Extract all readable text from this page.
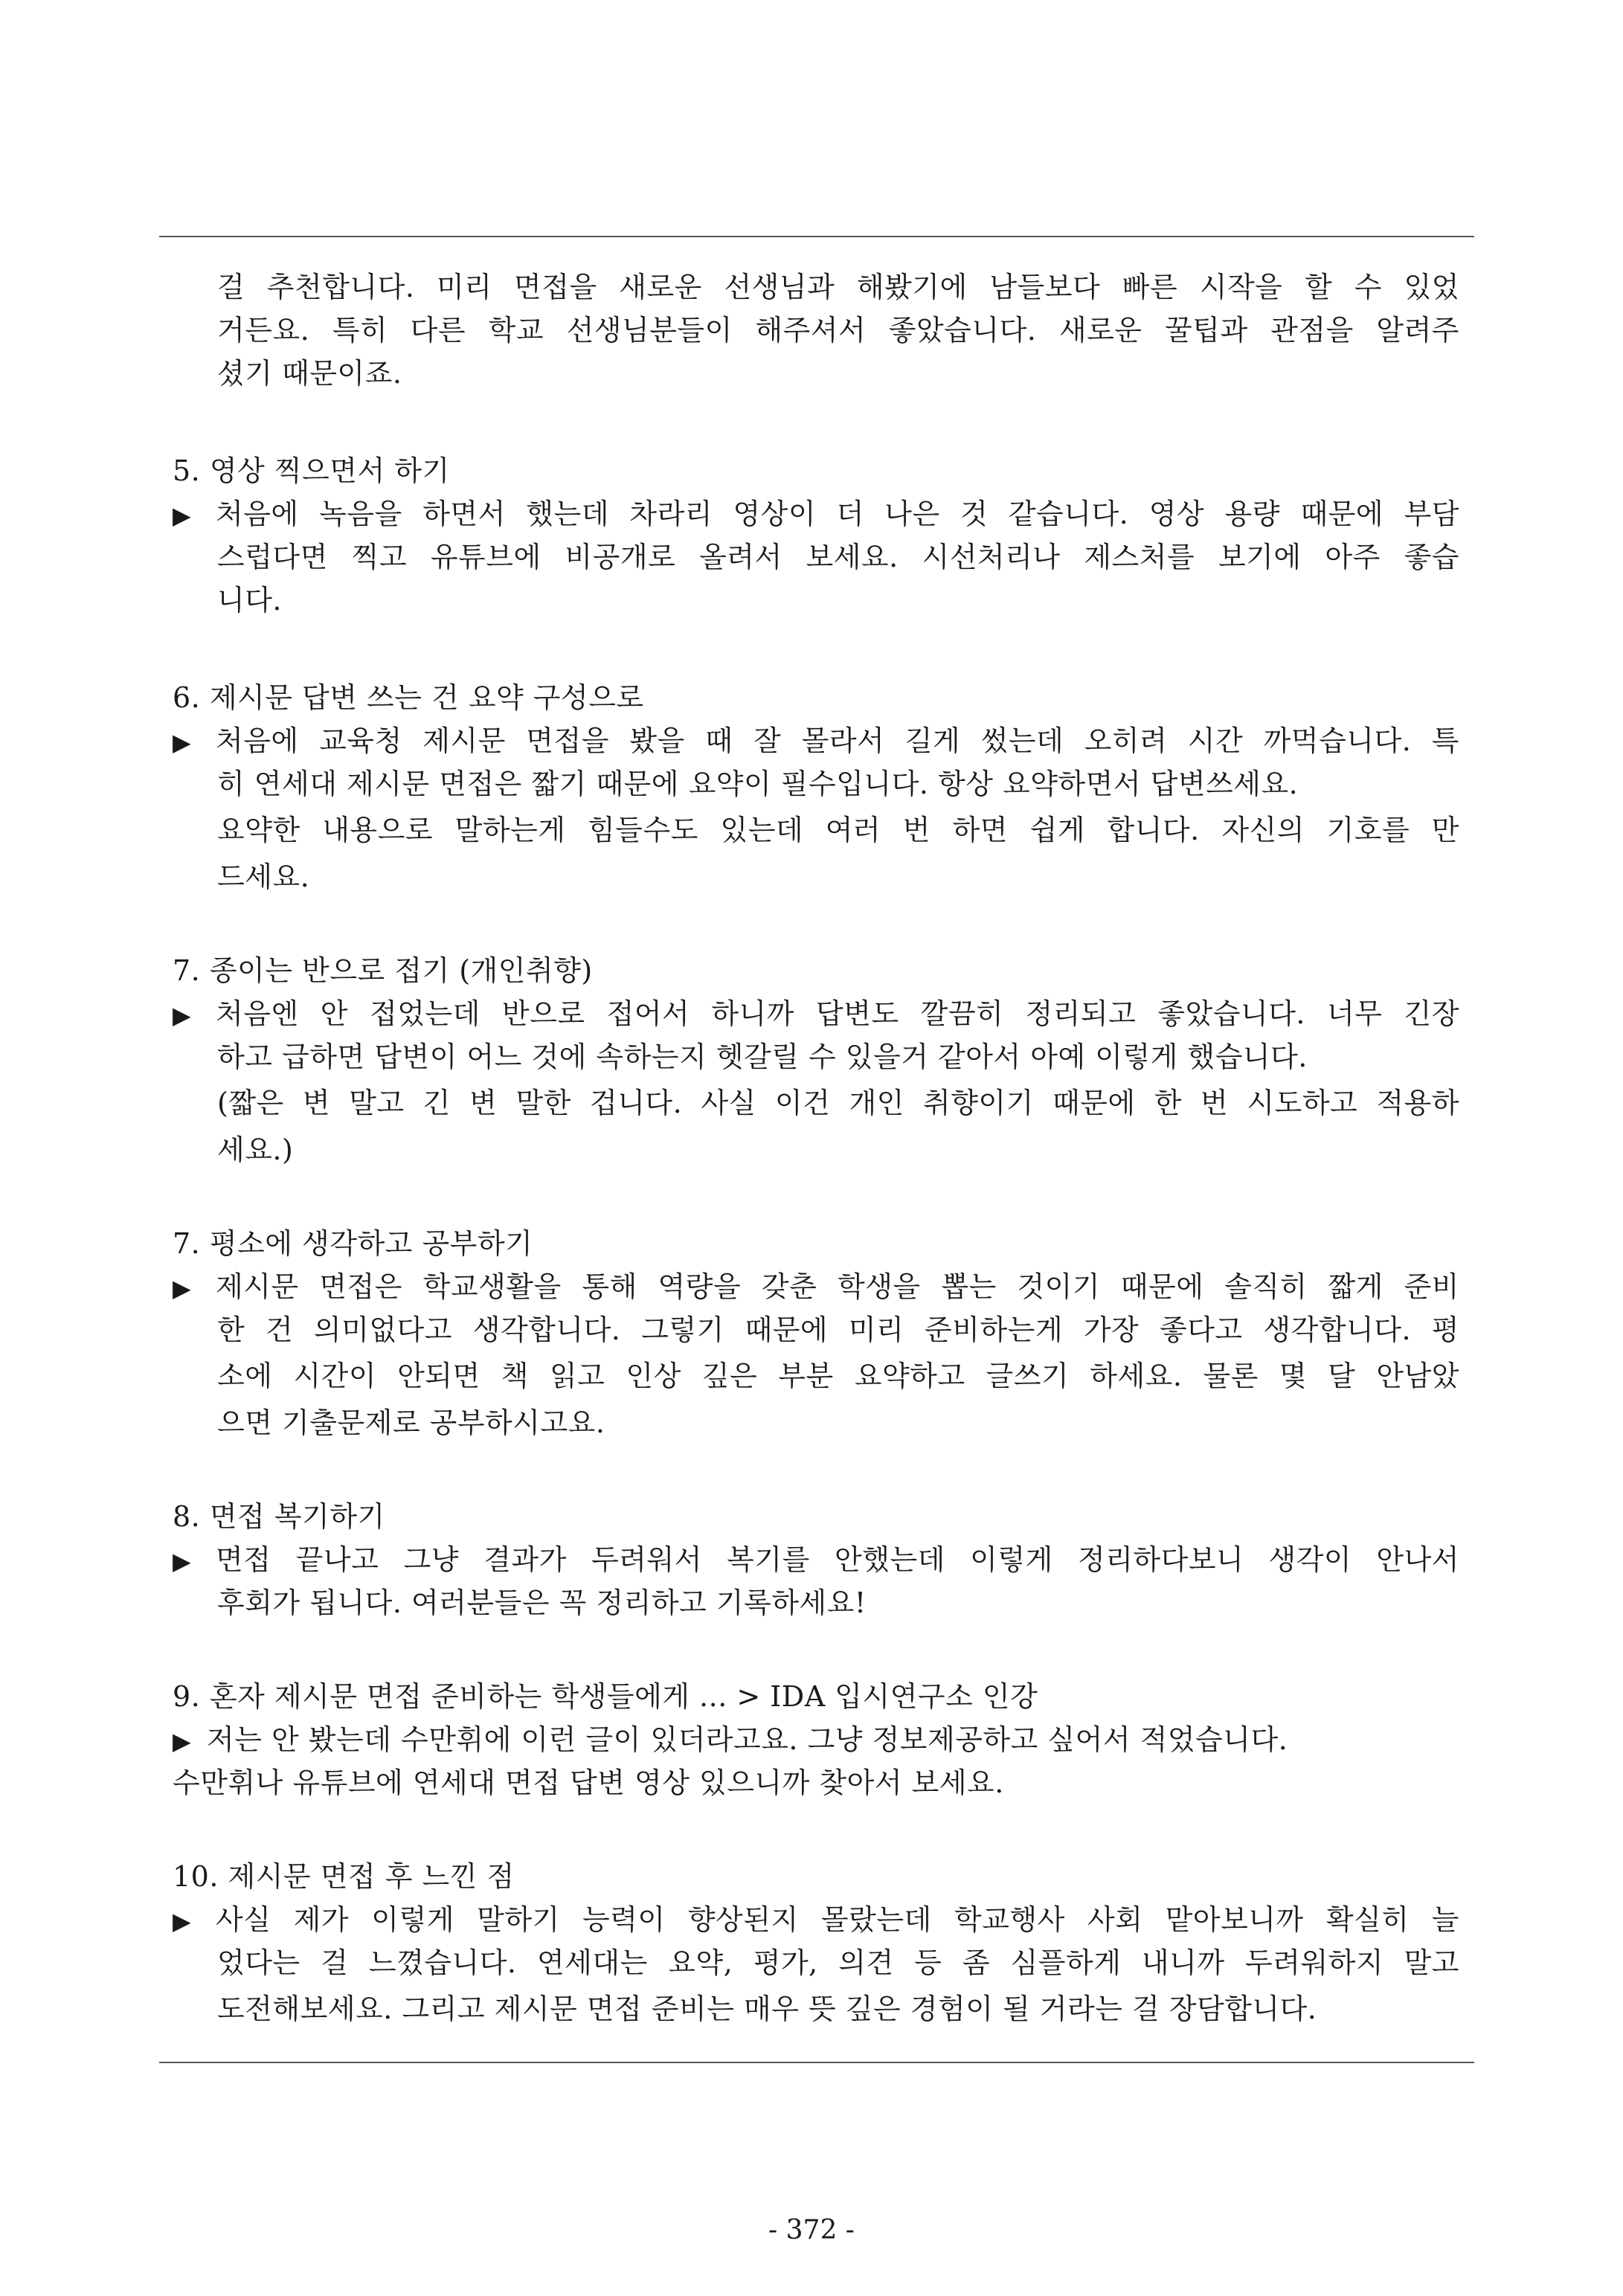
걸 추천합니다. 미리 면접을 새로운 선생님과 해봤기에 남들보다 빠른 시작을 할 수 있었
거든요. 특히 다른 학교 선생님분들이 해주셔서 좋았습니다. 새로운 꿀팁과 관점을 알려주
셨기 때문이죠.
5. 영상 찍으면서 하기
▶ 처음에 녹음을 하면서 했는데 차라리 영상이 더 나은 것 같습니다. 영상 용량 때문에 부담
스럽다면 찍고 유튜브에 비공개로 올려서 보세요. 시선처리나 제스처를 보기에 아주 좋습
니다.
6. 제시문 답변 쓰는 건 요약 구성으로
▶ 처음에 교육청 제시문 면접을 봤을 때 잘 몰라서 길게 썼는데 오히려 시간 까먹습니다. 특
히 연세대 제시문 면접은 짧기 때문에 요약이 필수입니다. 항상 요약하면서 답변쓰세요.
요약한 내용으로 말하는게 힘들수도 있는데 여러 번 하면 쉽게 합니다. 자신의 기호를 만
드세요.
7. 종이는 반으로 접기 (개인취향)
▶ 처음엔 안 접었는데 반으로 접어서 하니까 답변도 깔끔히 정리되고 좋았습니다. 너무 긴장
하고 급하면 답변이 어느 것에 속하는지 헷갈릴 수 있을거 같아서 아예 이렇게 했습니다.
(짧은 변 말고 긴 변 말한 겁니다. 사실 이건 개인 취향이기 때문에 한 번 시도하고 적용하
세요.)
7. 평소에 생각하고 공부하기
▶ 제시문 면접은 학교생활을 통해 역량을 갖춘 학생을 뽑는 것이기 때문에 솔직히 짧게 준비
한 건 의미없다고 생각합니다. 그렇기 때문에 미리 준비하는게 가장 좋다고 생각합니다. 평
소에 시간이 안되면 책 읽고 인상 깊은 부분 요약하고 글쓰기 하세요. 물론 몇 달 안남았
으면 기출문제로 공부하시고요.
8. 면접 복기하기
▶ 면접 끝나고 그냥 결과가 두려워서 복기를 안했는데 이렇게 정리하다보니 생각이 안나서
후회가 됩니다. 여러분들은 꼭 정리하고 기록하세요!
9. 혼자 제시문 면접 준비하는 학생들에게 ... > IDA 입시연구소 인강
▶ 저는 안 봤는데 수만휘에 이런 글이 있더라고요. 그냥 정보제공하고 싶어서 적었습니다.
수만휘나 유튜브에 연세대 면접 답변 영상 있으니까 찾아서 보세요.
10. 제시문 면접 후 느낀 점
▶ 사실 제가 이렇게 말하기 능력이 향상된지 몰랐는데 학교행사 사회 맡아보니까 확실히 늘
었다는 걸 느꼈습니다. 연세대는 요약, 평가, 의견 등 좀 심플하게 내니까 두려워하지 말고
도전해보세요. 그리고 제시문 면접 준비는 매우 뜻 깊은 경험이 될 거라는 걸 장담합니다.
- 372 -
